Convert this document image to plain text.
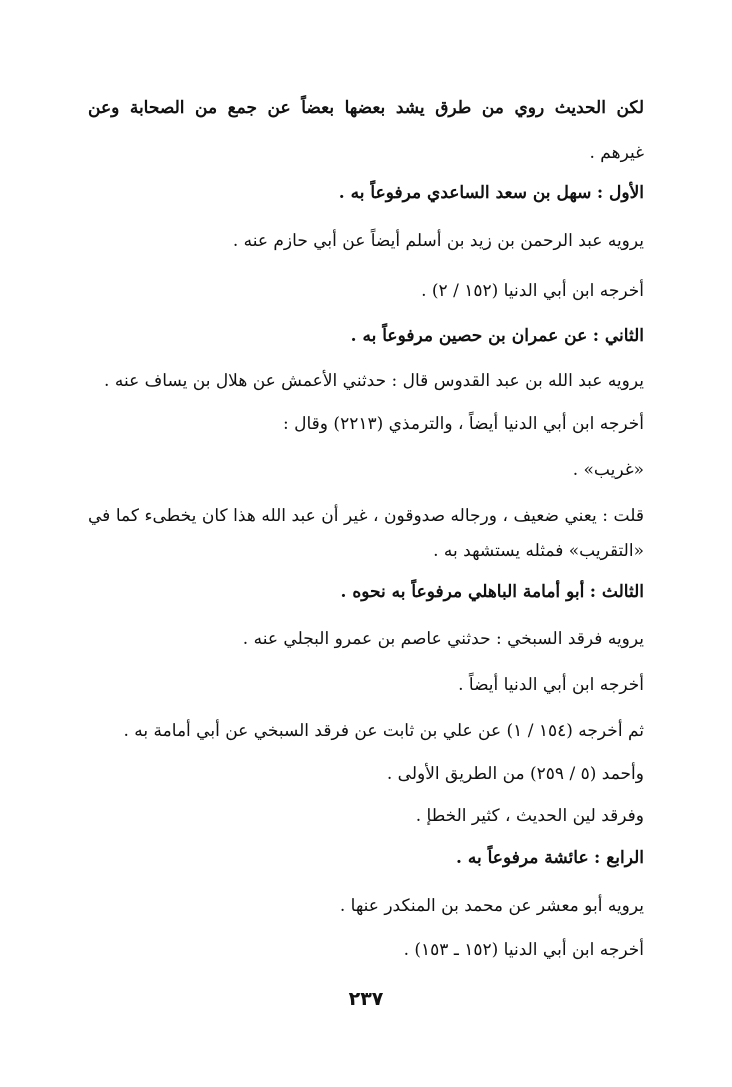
لكن الحديث روي من طرق يشد بعضها بعضاً عن جمع من الصحابة وعن
غيرهم .
الأول : سهل بن سعد الساعدي مرفوعاً به .
يرويه عبد الرحمن بن زيد بن أسلم أيضاً عن أبي حازم عنه .
أخرجه ابن أبي الدنيا (١٥٢ / ٢) .
الثاني : عن عمران بن حصين مرفوعاً به .
يرويه عبد الله بن عبد القدوس قال : حدثني الأعمش عن هلال بن يساف عنه .
أخرجه ابن أبي الدنيا أيضاً ، والترمذي (٢٢١٣) وقال :
«غريب» .
قلت : يعني ضعيف ، ورجاله صدوقون ، غير أن عبد الله هذا كان يخطىء كما في
«التقريب» فمثله يستشهد به .
الثالث : أبو أمامة الباهلي مرفوعاً به نحوه .
يرويه فرقد السبخي : حدثني عاصم بن عمرو البجلي عنه .
أخرجه ابن أبي الدنيا أيضاً .
ثم أخرجه (١٥٤ / ١) عن علي بن ثابت عن فرقد السبخي عن أبي أمامة به .
وأحمد (٥ / ٢٥٩) من الطريق الأولى .
وفرقد لين الحديث ، كثير الخطإ .
الرابع : عائشة مرفوعاً به .
يرويه أبو معشر عن محمد بن المنكدر عنها .
أخرجه ابن أبي الدنيا (١٥٢ ـ ١٥٣) .
٢٣٧
